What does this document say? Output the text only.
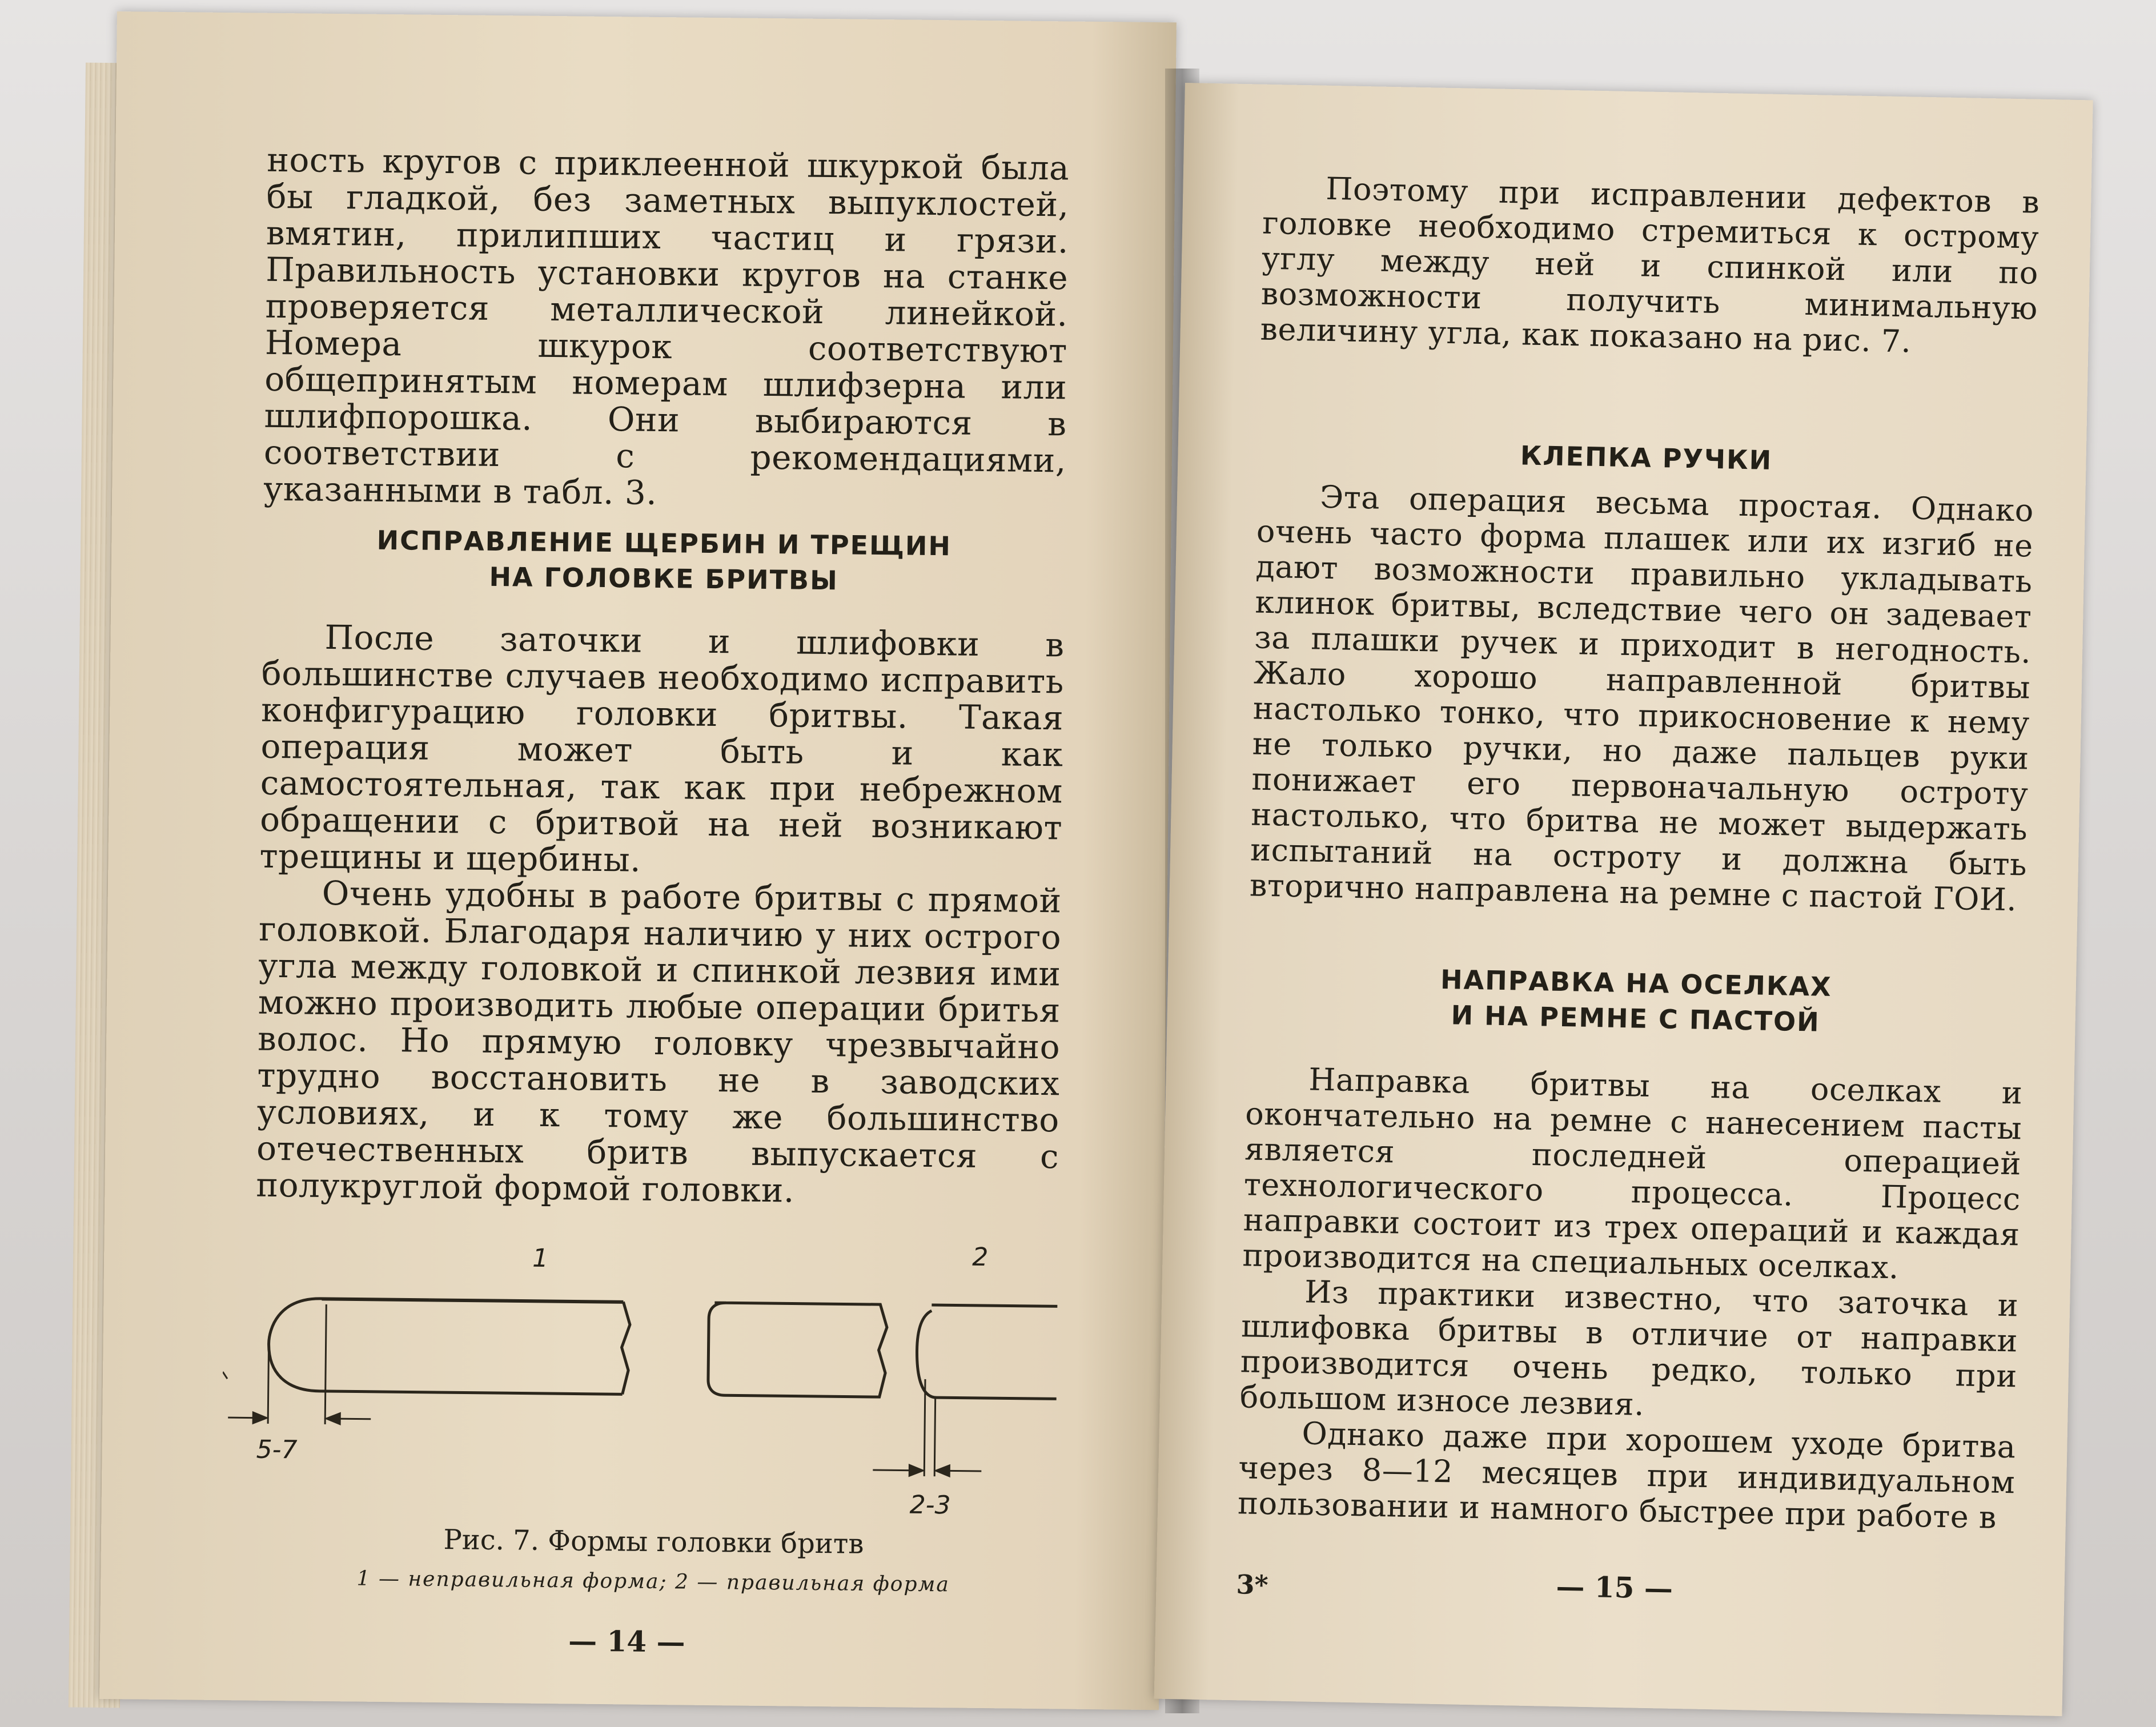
ность кругов с приклеенной шкуркой была бы гладкой, без заметных выпуклостей, вмятин, прилипших частиц и грязи. Правильность установки кругов на станке проверяется металлической линейкой. Номера шкурок соответствуют общепринятым номерам шлифзерна или шлифпорошка. Они выбираются в соответствии с рекомендациями, указанными в табл. 3.

ИСПРАВЛЕНИЕ ЩЕРБИН И ТРЕЩИН
НА ГОЛОВКЕ БРИТВЫ

После заточки и шлифовки в большинстве случаев необходимо исправить конфигурацию головки бритвы. Такая операция может быть и как самостоятельная, так как при небрежном обращении с бритвой на ней возникают трещины и щербины.

Очень удобны в работе бритвы с прямой головкой. Благодаря наличию у них острого угла между головкой и спинкой лезвия ими можно производить любые операции бритья волос. Но прямую головку чрезвычайно трудно восстановить не в заводских условиях, и к тому же большинство отечественных бритв выпускается с полукруглой формой головки.

1	2
5-7
2-3
Рис. 7. Формы головки бритв
1 — неправильная форма; 2 — правильная форма
— 14 —

Поэтому при исправлении дефектов в головке необходимо стремиться к острому углу между ней и спинкой или по возможности получить минимальную величину угла, как показано на рис. 7.

КЛЕПКА РУЧКИ

Эта операция весьма простая. Однако очень часто форма плашек или их изгиб не дают возможности правильно укладывать клинок бритвы, вследствие чего он задевает за плашки ручек и приходит в негодность. Жало хорошо направленной бритвы настолько тонко, что прикосновение к нему не только ручки, но даже пальцев руки понижает его первоначальную остроту настолько, что бритва не может выдержать испытаний на остроту и должна быть вторично направлена на ремне с пастой ГОИ.

НАПРАВКА НА ОСЕЛКАХ
И НА РЕМНЕ С ПАСТОЙ

Направка бритвы на оселках и окончательно на ремне с нанесением пасты является последней операцией технологического процесса. Процесс направки состоит из трех операций и каждая производится на специальных оселках.

Из практики известно, что заточка и шлифовка бритвы в отличие от направки производится очень редко, только при большом износе лезвия.

Однако даже при хорошем уходе бритва через 8—12 месяцев при индивидуальном пользовании и намного быстрее при работе в

3*	— 15 —
